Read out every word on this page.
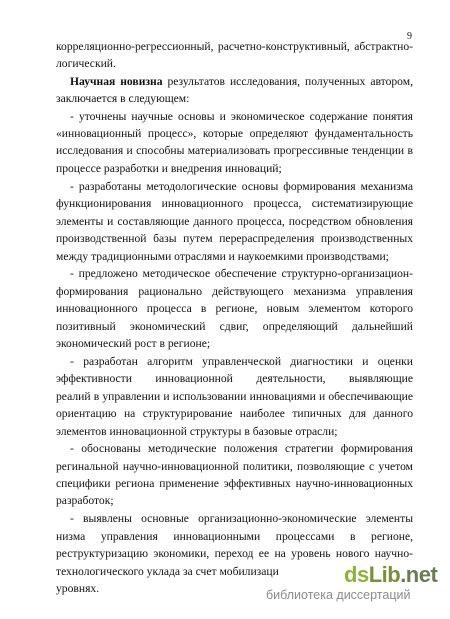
9
корреляционно-регрессионный, расчетно-конструктивный, абстрактно-
логический.
Научная новизна результатов исследования, полученных автором,
заключается в следующем:
- уточнены научные основы и экономическое содержание понятия
«инновационный процесс», которые определяют фундаментальность
исследования и способны материализовать прогрессивные тенденции в
процессе разработки и внедрения инноваций;
- разработаны методологические основы формирования механизма
функционирования инновационного процесса, систематизирующие
элементы и составляющие данного процесса, посредством обновления
производственной базы путем перераспределения производственных
между традиционными отраслями и наукоемкими производствами;
- предложено методическое обеспечение структурно-организацион-
формирования рационально действующего механизма управления
инновационного процесса в регионе, новым элементом которого
позитивный экономический сдвиг, определяющий дальнейший
экономический рост в регионе;
- разработан алгоритм управленческой диагностики и оценки
эффективности инновационной деятельности, выявляющие
реалий в управлении и использовании инновациями и обеспечивающие
ориентацию на структурирование наиболее типичных для данного
элементов инновационной структуры в базовые отрасли;
- обоснованы методические положения стратегии формирования
регинальной научно-инновационной политики, позволяющие с учетом
специфики региона применение эффективных научно-инновационных
разработок;
- выявлены основные организационно-экономические элементы
низма управления инновационными процессами в регионе,
реструктуризацию экономики, переход ее на уровень нового научно-
технологического уклада за счет мобилизаци
уровнях.
dsLib.net
библиотека диссертаций
